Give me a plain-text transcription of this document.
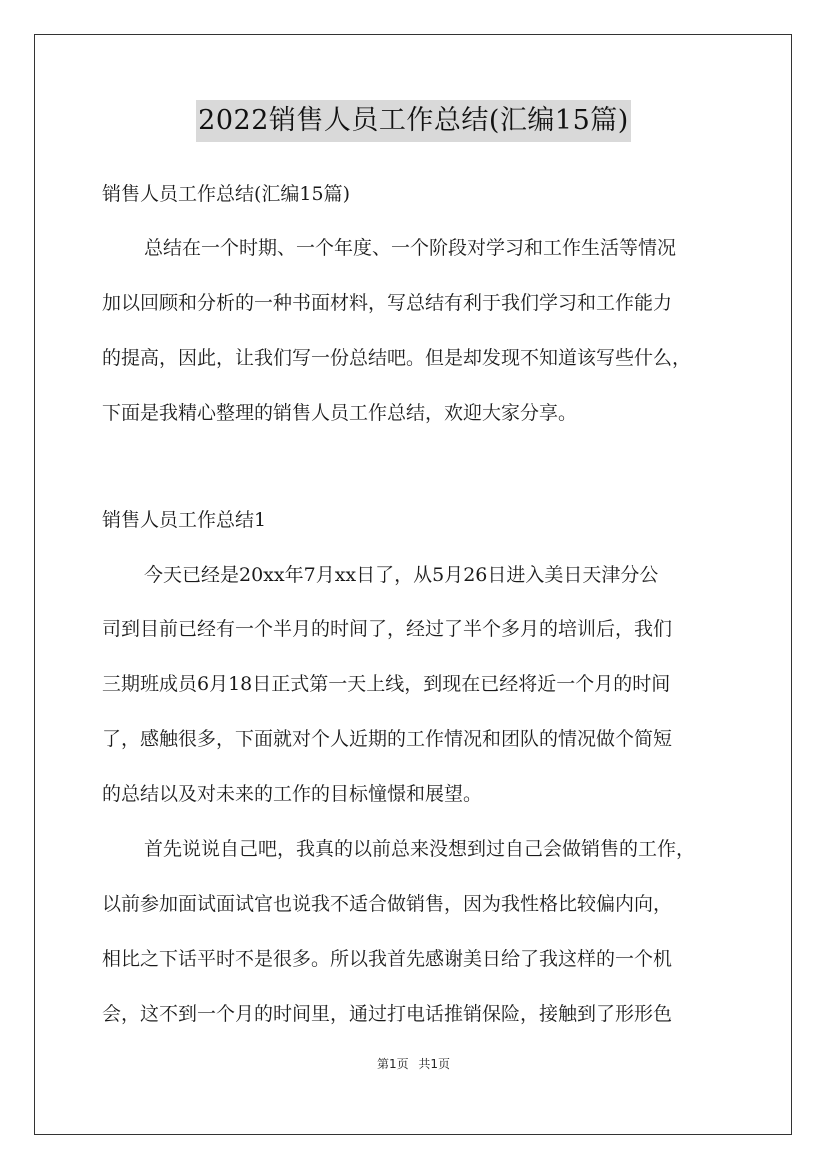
2022销售人员工作总结(汇编15篇)
销售人员工作总结(汇编15篇)
总结在一个时期、一个年度、一个阶段对学习和工作生活等情况
加以回顾和分析的一种书面材料，写总结有利于我们学习和工作能力
的提高，因此，让我们写一份总结吧。但是却发现不知道该写些什么，
下面是我精心整理的销售人员工作总结，欢迎大家分享。
销售人员工作总结1
今天已经是20xx年7月xx日了，从5月26日进入美日天津分公
司到目前已经有一个半月的时间了，经过了半个多月的培训后，我们
三期班成员6月18日正式第一天上线，到现在已经将近一个月的时间
了，感触很多，下面就对个人近期的工作情况和团队的情况做个简短
的总结以及对未来的工作的目标憧憬和展望。
首先说说自己吧，我真的以前总来没想到过自己会做销售的工作，
以前参加面试面试官也说我不适合做销售，因为我性格比较偏内向，
相比之下话平时不是很多。所以我首先感谢美日给了我这样的一个机
会，这不到一个月的时间里，通过打电话推销保险，接触到了形形色
第1页 共1页
